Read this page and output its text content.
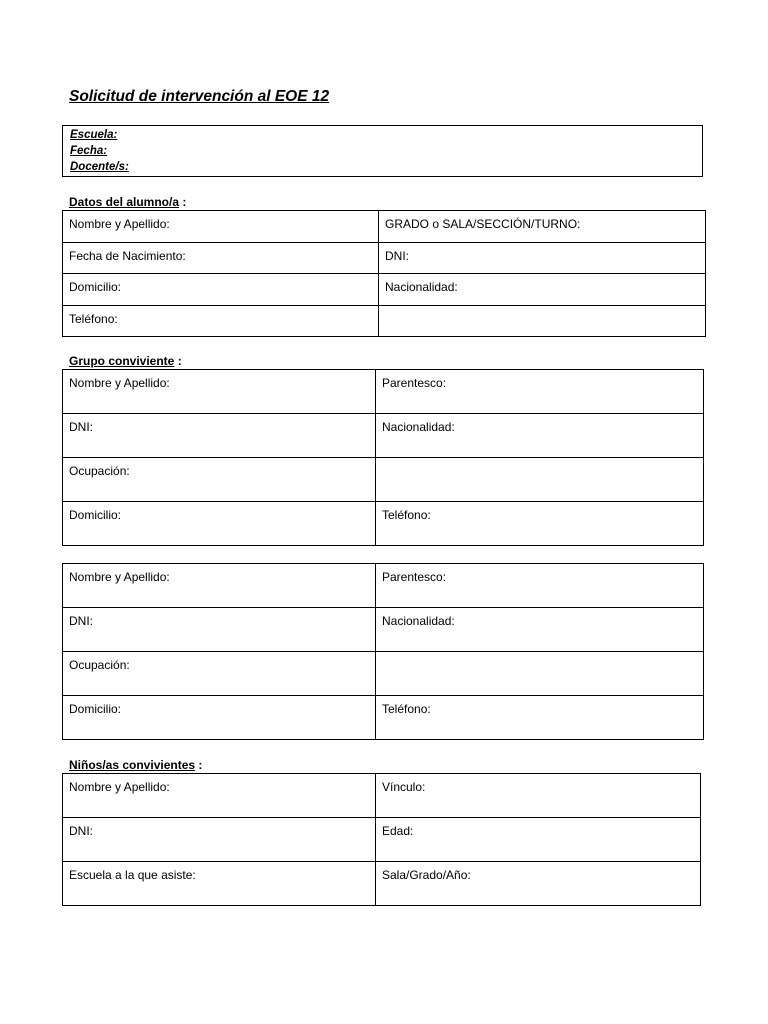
Solicitud de intervención al EOE 12
Escuela:
Fecha:
Docente/s:
Datos del alumno/a :
Nombre y Apellido:	GRADO o SALA/SECCIÓN/TURNO:
Fecha de Nacimiento:	DNI:
Domicilio:	Nacionalidad:
Teléfono:	
Grupo conviviente :
Nombre y Apellido:	Parentesco:
DNI:	Nacionalidad:
Ocupación:	
Domicilio:	Teléfono:
Nombre y Apellido:	Parentesco:
DNI:	Nacionalidad:
Ocupación:	
Domicilio:	Teléfono:
Niños/as convivientes :
Nombre y Apellido:	Vínculo:
DNI:	Edad:
Escuela a la que asiste:	Sala/Grado/Año:
